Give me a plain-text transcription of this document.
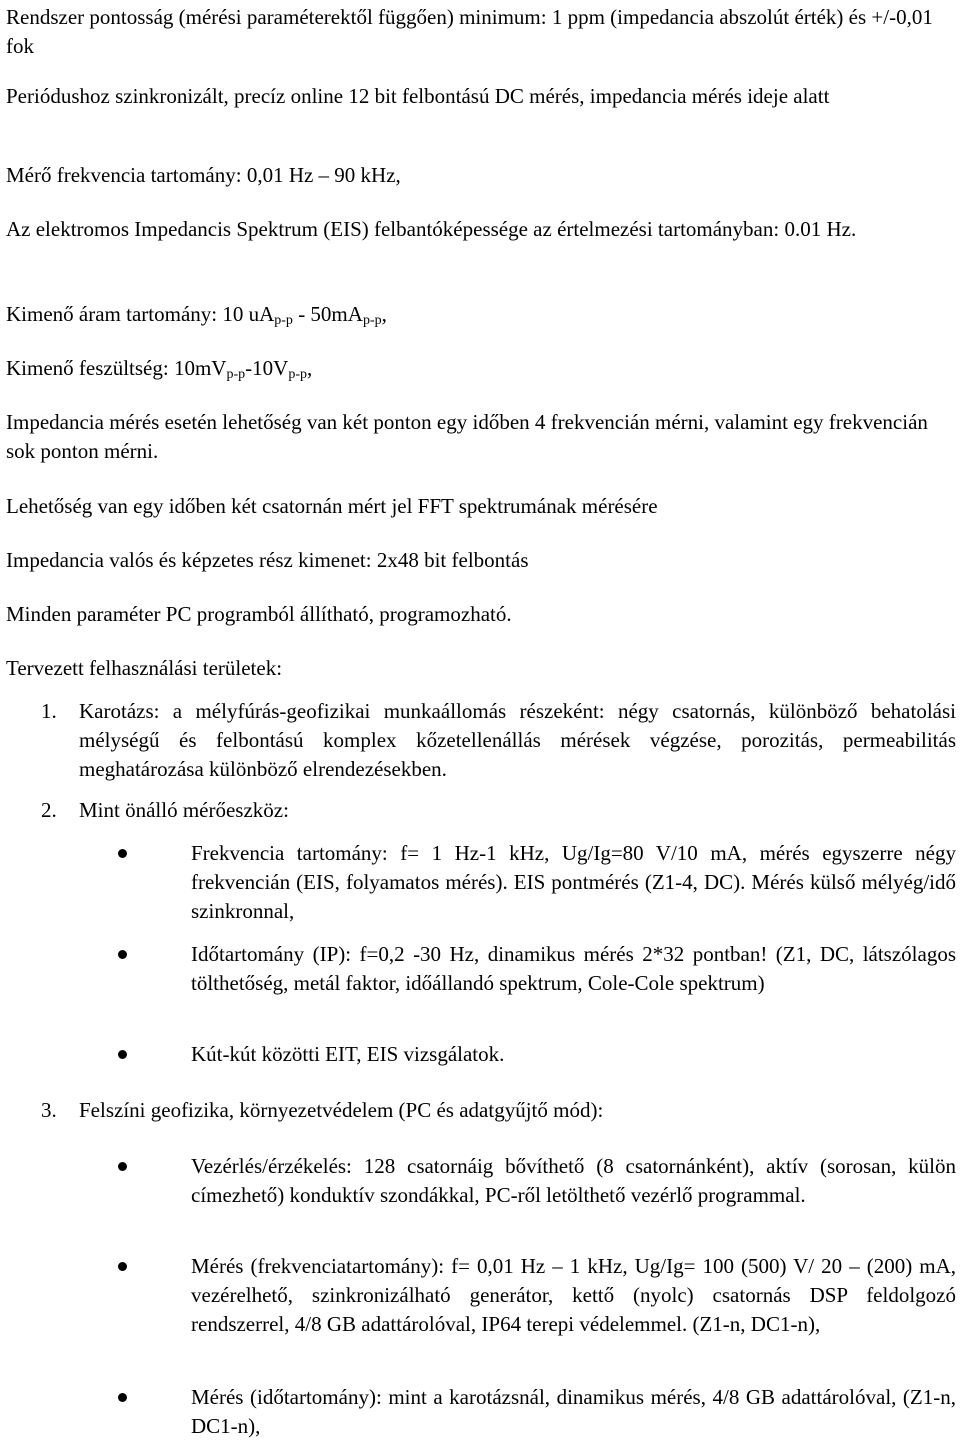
Rendszer pontosság (mérési paraméterektől függően) minimum: 1 ppm (impedancia abszolút érték) és +/-0,01 fok

Periódushoz szinkronizált, precíz online 12 bit felbontású DC mérés, impedancia mérés ideje alatt

Mérő frekvencia tartomány: 0,01 Hz – 90 kHz,

Az elektromos Impedancis Spektrum (EIS) felbantóképessége az értelmezési tartományban: 0.01 Hz.

Kimenő áram tartomány: 10 $uA_{p-p} - 50mA_{p-p}$,

Kimenő feszültség: $10mV_{p-p}-10V_{p-p}$,

Impedancia mérés esetén lehetőség van két ponton egy időben 4 frekvencián mérni, valamint egy frekvencián sok ponton mérni.

Lehetőség van egy időben két csatornán mért jel FFT spektrumának mérésére

Impedancia valós és képzetes rész kimenet: 2x48 bit felbontás

Minden paraméter PC programból állítható, programozható.

Tervezett felhasználási területek:

1. Karotázs: a mélyfúrás-geofizikai munkaállomás részeként: négy csatornás, különböző behatolási mélységű és felbontású komplex kőzetellenállás mérések végzése, porozitás, permeabilitás meghatározása különböző elrendezésekben.

2. Mint önálló mérőeszköz:

Frekvencia tartomány: f= 1 Hz-1 kHz, Ug/Ig=80 V/10 mA, mérés egyszerre négy frekvencián (EIS, folyamatos mérés). EIS pontmérés (Z1-4, DC). Mérés külső mélyég/idő szinkronnal,

Időtartomány (IP): f=0,2 -30 Hz, dinamikus mérés 2*32 pontban! (Z1, DC, látszólagos tölthetőség, metál faktor, időállandó spektrum, Cole-Cole spektrum)

Kút-kút közötti EIT, EIS vizsgálatok.

3. Felszíni geofizika, környezetvédelem (PC és adatgyűjtő mód):

Vezérlés/érzékelés: 128 csatornáig bővíthető (8 csatornánként), aktív (sorosan, külön címezhető) konduktív szondákkal, PC-ről letölthető vezérlő programmal.

Mérés (frekvenciatartomány): f= 0,01 Hz – 1 kHz, Ug/Ig= 100 (500) V/ 20 – (200) mA, vezérelhető, szinkronizálható generátor, kettő (nyolc) csatornás DSP feldolgozó rendszerrel, 4/8 GB adattárolóval, IP64 terepi védelemmel. (Z1-n, DC1-n),

Mérés (időtartomány): mint a karotázsnál, dinamikus mérés, 4/8 GB adattárolóval, (Z1-n, DC1-n),
